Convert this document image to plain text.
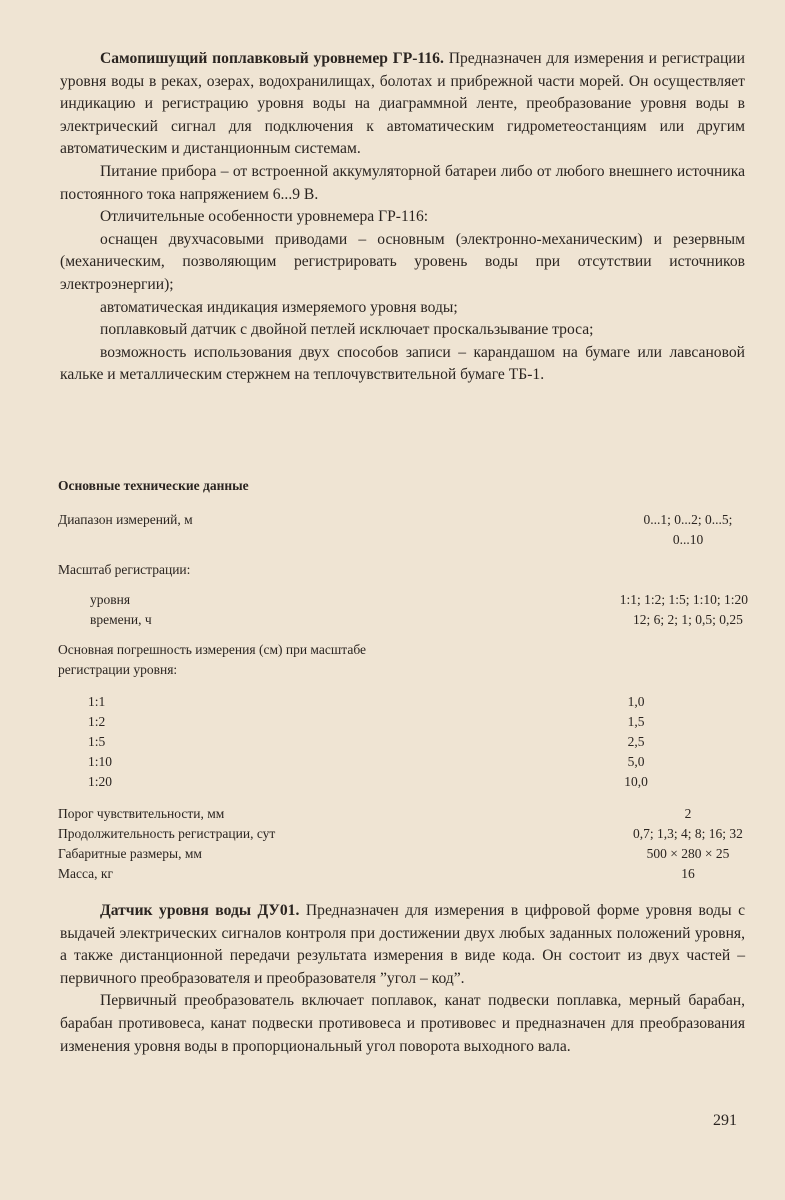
Самопишущий поплавковый уровнемер ГР-116. Предназначен для измерения и регистрации уровня воды в реках, озерах, водохранилищах, болотах и прибрежной части морей. Он осуществляет индикацию и регистрацию уровня воды на диаграммной ленте, преобразование уровня воды в электрический сигнал для подключения к автоматическим гидрометеостанциям или другим автоматическим и дистанционным системам.

Питание прибора – от встроенной аккумуляторной батареи либо от любого внешнего источника постоянного тока напряжением 6...9 В.

Отличительные особенности уровнемера ГР-116:

оснащен двухчасовыми приводами – основным (электронно-механическим) и резервным (механическим, позволяющим регистрировать уровень воды при отсутствии источников электроэнергии);

автоматическая индикация измеряемого уровня воды;

поплавковый датчик с двойной петлей исключает проскальзывание троса;

возможность использования двух способов записи – карандашом на бумаге или лавсановой кальке и металлическим стержнем на теплочувствительной бумаге ТБ-1.

Основные технические данные
Диапазон измерений, м	0...1; 0...2; 0...5;
0...10
Масштаб регистрации:
уровня	1:1; 1:2; 1:5; 1:10; 1:20
времени, ч	12; 6; 2; 1; 0,5; 0,25
Основная погрешность измерения (см) при масштабе
регистрации уровня:
1:1	1,0
1:2	1,5
1:5	2,5
1:10	5,0
1:20	10,0
Порог чувствительности, мм	2
Продолжительность регистрации, сут	0,7; 1,3; 4; 8; 16; 32
Габаритные размеры, мм	500 × 280 × 25
Масса, кг	16

Датчик уровня воды ДУ01. Предназначен для измерения в цифровой форме уровня воды с выдачей электрических сигналов контроля при достижении двух любых заданных положений уровня, а также дистанционной передачи результата измерения в виде кода. Он состоит из двух частей – первичного преобразователя и преобразователя ”угол – код”.

Первичный преобразователь включает поплавок, канат подвески поплавка, мерный барабан, барабан противовеса, канат подвески противовеса и противовес и предназначен для преобразования изменения уровня воды в пропорциональный угол поворота выходного вала.

291
